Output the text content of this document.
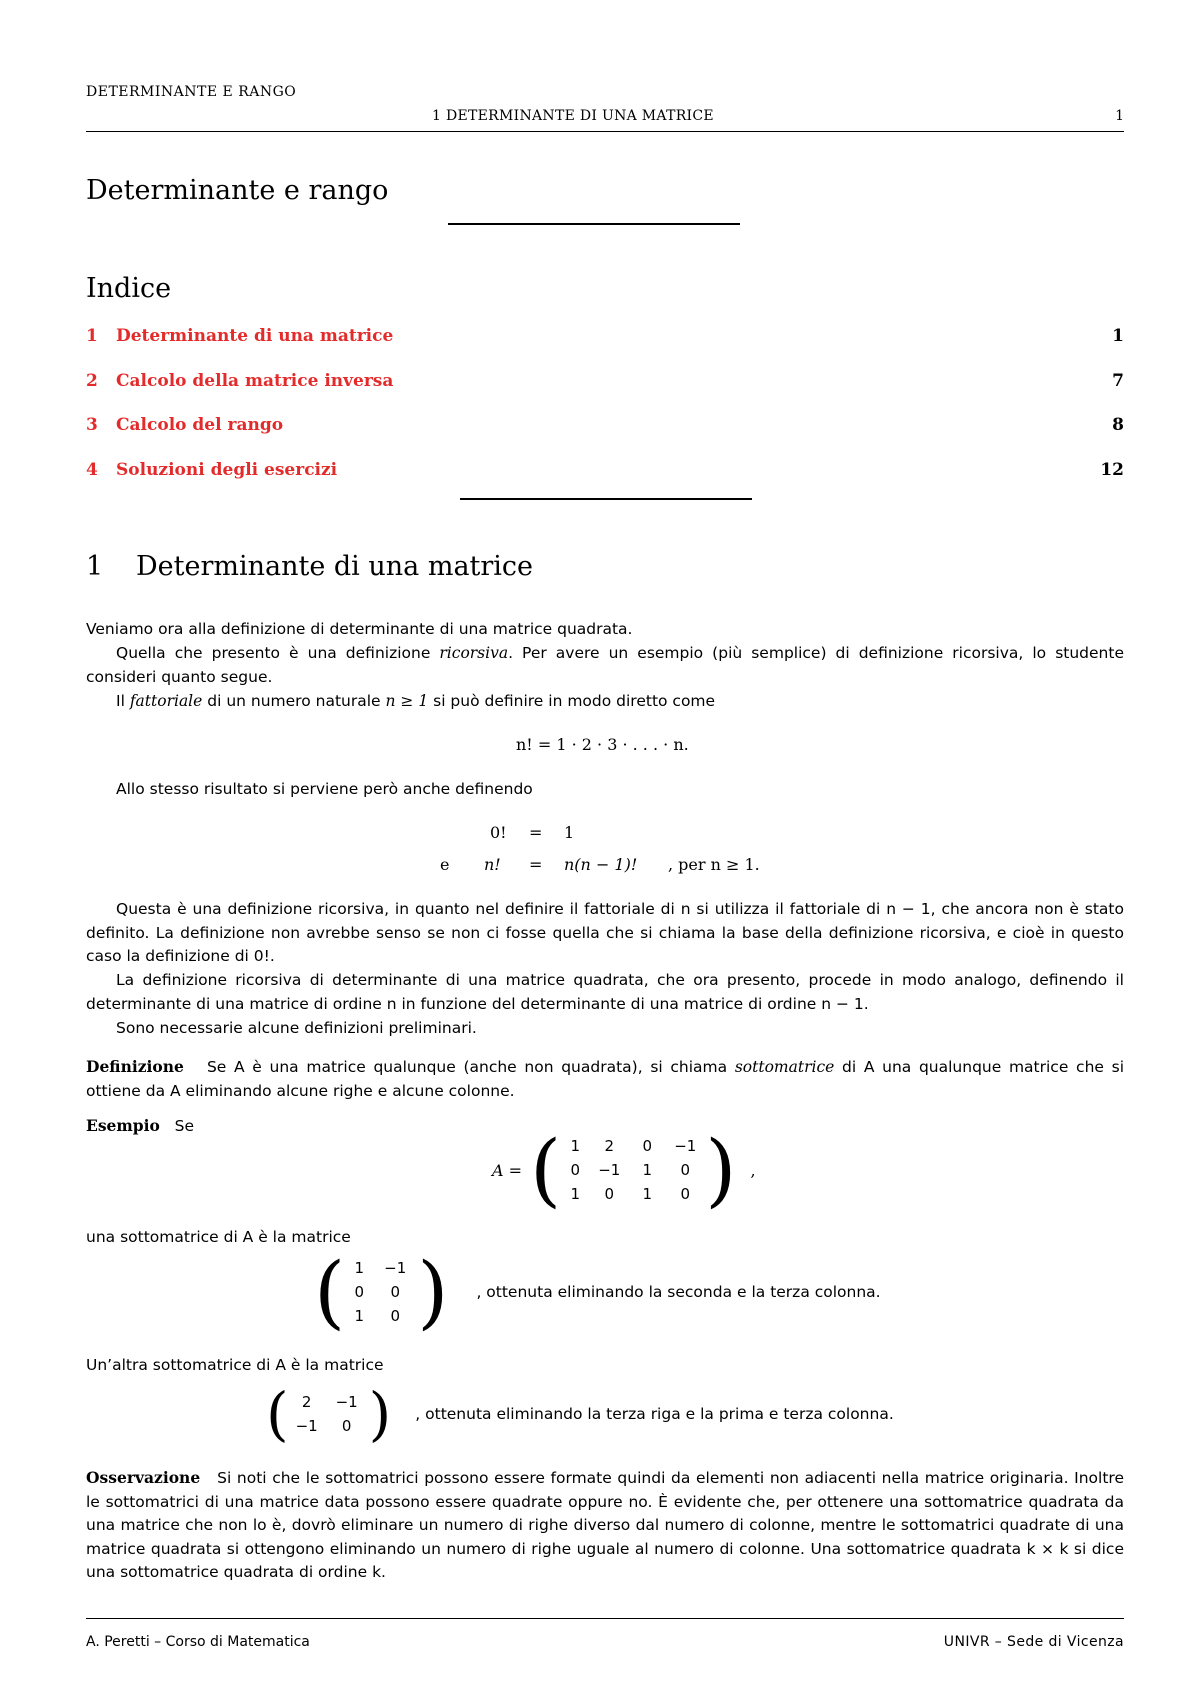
DETERMINANTE E RANGO
1 DETERMINANTE DI UNA MATRICE	1
Determinante e rango
Indice
1 Determinante di una matrice	1
2 Calcolo della matrice inversa	7
3 Calcolo del rango	8
4 Soluzioni degli esercizi	12
1 Determinante di una matrice
Veniamo ora alla definizione di determinante di una matrice quadrata.
Quella che presento è una definizione ricorsiva. Per avere un esempio (più semplice) di definizione ricorsiva, lo studente consideri quanto segue.
Il fattoriale di un numero naturale n ≥ 1 si può definire in modo diretto come
n! = 1 · 2 · 3 · . . . · n.
Allo stesso risultato si perviene però anche definendo
0! = 1
e n! = n(n − 1)! , per n ≥ 1.
Questa è una definizione ricorsiva, in quanto nel definire il fattoriale di n si utilizza il fattoriale di n − 1, che ancora non è stato definito. La definizione non avrebbe senso se non ci fosse quella che si chiama la base della definizione ricorsiva, e cioè in questo caso la definizione di 0!.
La definizione ricorsiva di determinante di una matrice quadrata, che ora presento, procede in modo analogo, definendo il determinante di una matrice di ordine n in funzione del determinante di una matrice di ordine n − 1.
Sono necessarie alcune definizioni preliminari.
Definizione Se A è una matrice qualunque (anche non quadrata), si chiama sottomatrice di A una qualunque matrice che si ottiene da A eliminando alcune righe e alcune colonne.
Esempio Se
A = ( 1	2	0	−1
0	−1	1	0
1	0	1	0 ) ,
una sottomatrice di A è la matrice
( 1	−1
0	0
1	0 ) , ottenuta eliminando la seconda e la terza colonna.
Un’altra sottomatrice di A è la matrice
( 2	−1
−1	0 ) , ottenuta eliminando la terza riga e la prima e terza colonna.
Osservazione Si noti che le sottomatrici possono essere formate quindi da elementi non adiacenti nella matrice originaria. Inoltre le sottomatrici di una matrice data possono essere quadrate oppure no. È evidente che, per ottenere una sottomatrice quadrata da una matrice che non lo è, dovrò eliminare un numero di righe diverso dal numero di colonne, mentre le sottomatrici quadrate di una matrice quadrata si ottengono eliminando un numero di righe uguale al numero di colonne. Una sottomatrice quadrata k × k si dice una sottomatrice quadrata di ordine k.
A. Peretti – Corso di Matematica	UNIVR – Sede di Vicenza
